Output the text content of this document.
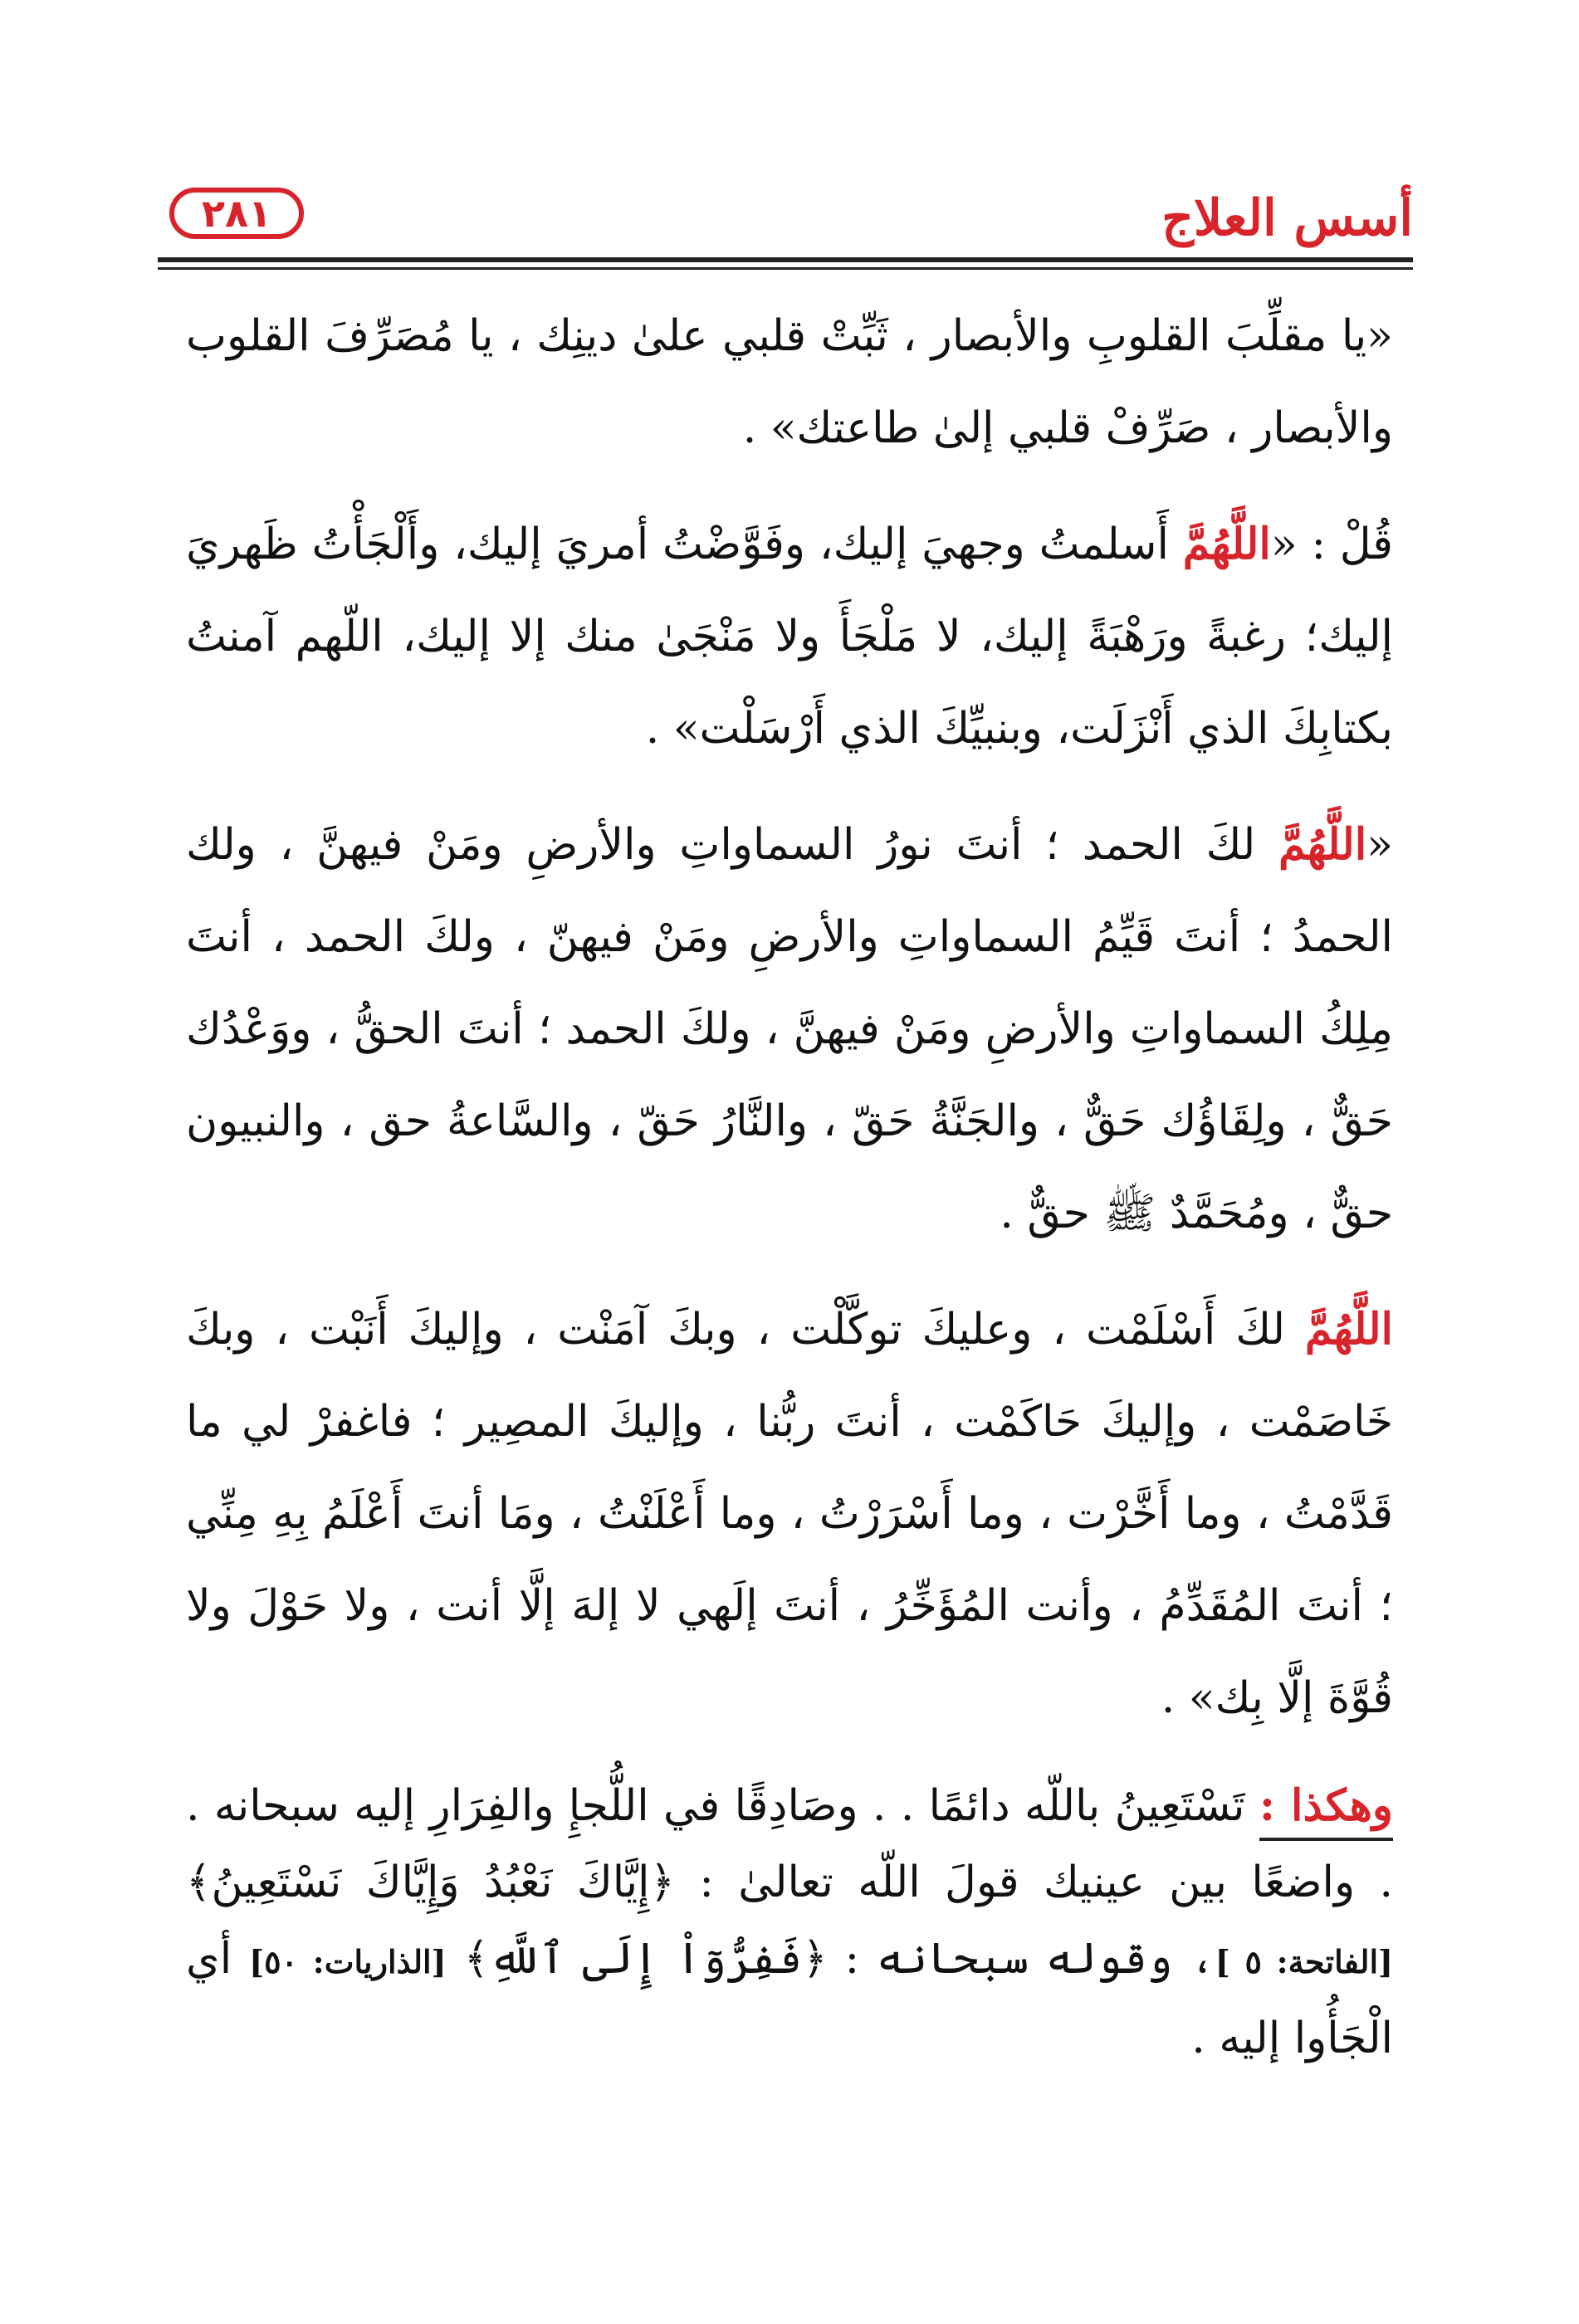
أسس العلاج
٢٨١

«يا مقلِّبَ القلوبِ والأبصار ، ثَبِّتْ قلبي علىٰ دينِك ، يا مُصَرِّفَ القلوب والأبصار ، صَرِّفْ قلبي إلىٰ طاعتك» .

قُلْ : «اللَّهُمَّ أَسلمتُ وجهيَ إليك، وفَوَّضْتُ أمريَ إليك، وأَلْجَأْتُ ظَهريَ إليك؛ رغبةً ورَهْبَةً إليك، لا مَلْجَأَ ولا مَنْجَىٰ منك إلا إليك، اللّهم آمنتُ بكتابِكَ الذي أَنْزَلَت، وبنبيِّكَ الذي أَرْسَلْت» .

«اللَّهُمَّ لكَ الحمد ؛ أنتَ نورُ السماواتِ والأرضِ ومَنْ فيهنَّ ، ولك الحمدُ ؛ أنتَ قَيِّمُ السماواتِ والأرضِ ومَنْ فيهنّ ، ولكَ الحمد ، أنتَ مِلِكُ السماواتِ والأرضِ ومَنْ فيهنَّ ، ولكَ الحمد ؛ أنتَ الحقُّ ، ووَعْدُك حَقٌّ ، ولِقَاؤُك حَقٌّ ، والجَنَّةُ حَقّ ، والنَّارُ حَقّ ، والسَّاعةُ حق ، والنبيون حقٌّ ، ومُحَمَّدٌ ﷺ حقٌّ .

اللَّهُمَّ لكَ أَسْلَمْت ، وعليكَ توكَّلْت ، وبكَ آمَنْت ، وإليكَ أَنَبْت ، وبكَ خَاصَمْت ، وإليكَ حَاكَمْت ، أنتَ ربُّنا ، وإليكَ المصِير ؛ فاغفرْ لي ما قَدَّمْتُ ، وما أَخَّرْت ، وما أَسْرَرْتُ ، وما أَعْلَنْتُ ، ومَا أنتَ أَعْلَمُ بِهِ مِنِّي ؛ أنتَ المُقَدِّمُ ، وأنت المُؤَخِّرُ ، أنتَ إلَهي لا إلهَ إلَّا أنت ، ولا حَوْلَ ولا قُوَّةَ إلَّا بِك» .

وهكذا : تَسْتَعِينُ باللّه دائمًا . . وصَادِقًا في اللُّجإِ والفِرَارِ إليه سبحانه . . واضعًا بين عينيك قولَ اللّه تعالىٰ : ﴿إِيَّاكَ نَعْبُدُ وَإِيَّاكَ نَسْتَعِينُ﴾ [الفاتحة: ٥ ]، وقوله سبحانه : ﴿فَفِرُّوٓاْ إِلَى ٱللَّهِ﴾ [الذاريات: ٥٠] أي الْجَأُوا إليه .
